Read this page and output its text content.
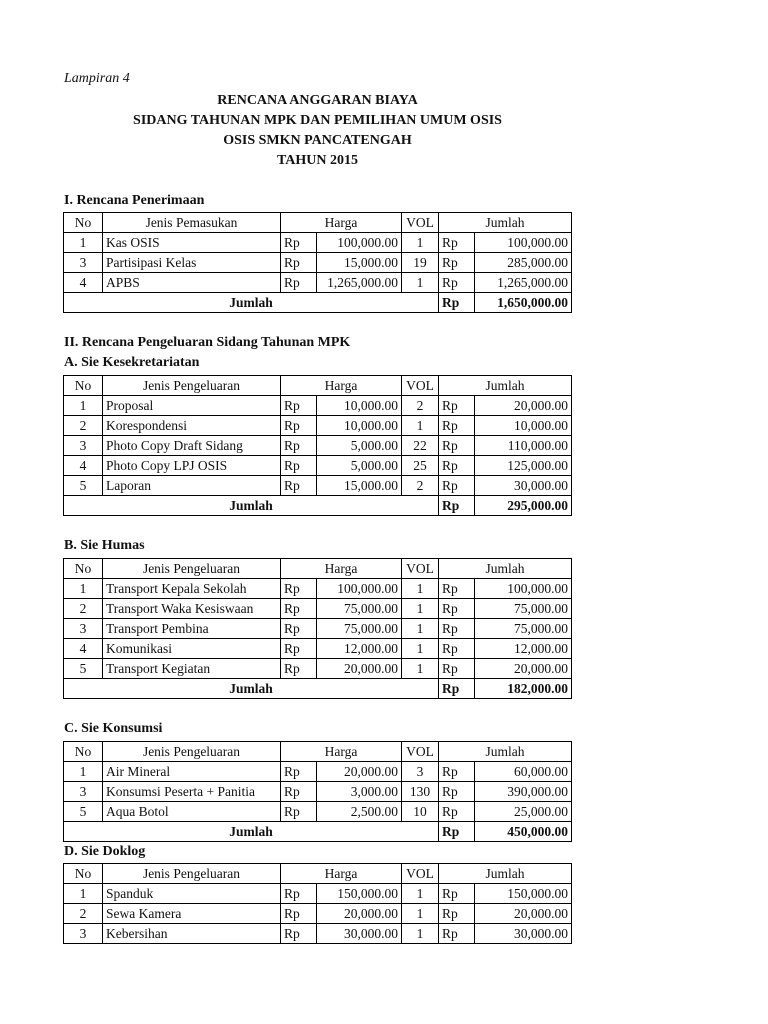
Lampiran 4
RENCANA ANGGARAN BIAYA
SIDANG TAHUNAN MPK DAN PEMILIHAN UMUM OSIS
OSIS SMKN PANCATENGAH
TAHUN 2015
I. Rencana Penerimaan
No	Jenis Pemasukan	Harga		VOL	Jumlah	
1	Kas OSIS	Rp	100,000.00	1	Rp	100,000.00
3	Partisipasi Kelas	Rp	15,000.00	19	Rp	285,000.00
4	APBS	Rp	1,265,000.00	1	Rp	1,265,000.00
Jumlah					Rp	1,650,000.00
II. Rencana Pengeluaran Sidang Tahunan MPK
A. Sie Kesekretariatan
No	Jenis Pengeluaran	Harga		VOL	Jumlah	
1	Proposal	Rp	10,000.00	2	Rp	20,000.00
2	Korespondensi	Rp	10,000.00	1	Rp	10,000.00
3	Photo Copy Draft Sidang	Rp	5,000.00	22	Rp	110,000.00
4	Photo Copy LPJ OSIS	Rp	5,000.00	25	Rp	125,000.00
5	Laporan	Rp	15,000.00	2	Rp	30,000.00
Jumlah					Rp	295,000.00
B. Sie Humas
No	Jenis Pengeluaran	Harga		VOL	Jumlah	
1	Transport Kepala Sekolah	Rp	100,000.00	1	Rp	100,000.00
2	Transport Waka Kesiswaan	Rp	75,000.00	1	Rp	75,000.00
3	Transport Pembina	Rp	75,000.00	1	Rp	75,000.00
4	Komunikasi	Rp	12,000.00	1	Rp	12,000.00
5	Transport Kegiatan	Rp	20,000.00	1	Rp	20,000.00
Jumlah					Rp	182,000.00
C. Sie Konsumsi
No	Jenis Pengeluaran	Harga		VOL	Jumlah	
1	Air Mineral	Rp	20,000.00	3	Rp	60,000.00
3	Konsumsi Peserta + Panitia	Rp	3,000.00	130	Rp	390,000.00
5	Aqua Botol	Rp	2,500.00	10	Rp	25,000.00
Jumlah					Rp	450,000.00
D. Sie Doklog
No	Jenis Pengeluaran	Harga		VOL	Jumlah	
1	Spanduk	Rp	150,000.00	1	Rp	150,000.00
2	Sewa Kamera	Rp	20,000.00	1	Rp	20,000.00
3	Kebersihan	Rp	30,000.00	1	Rp	30,000.00
